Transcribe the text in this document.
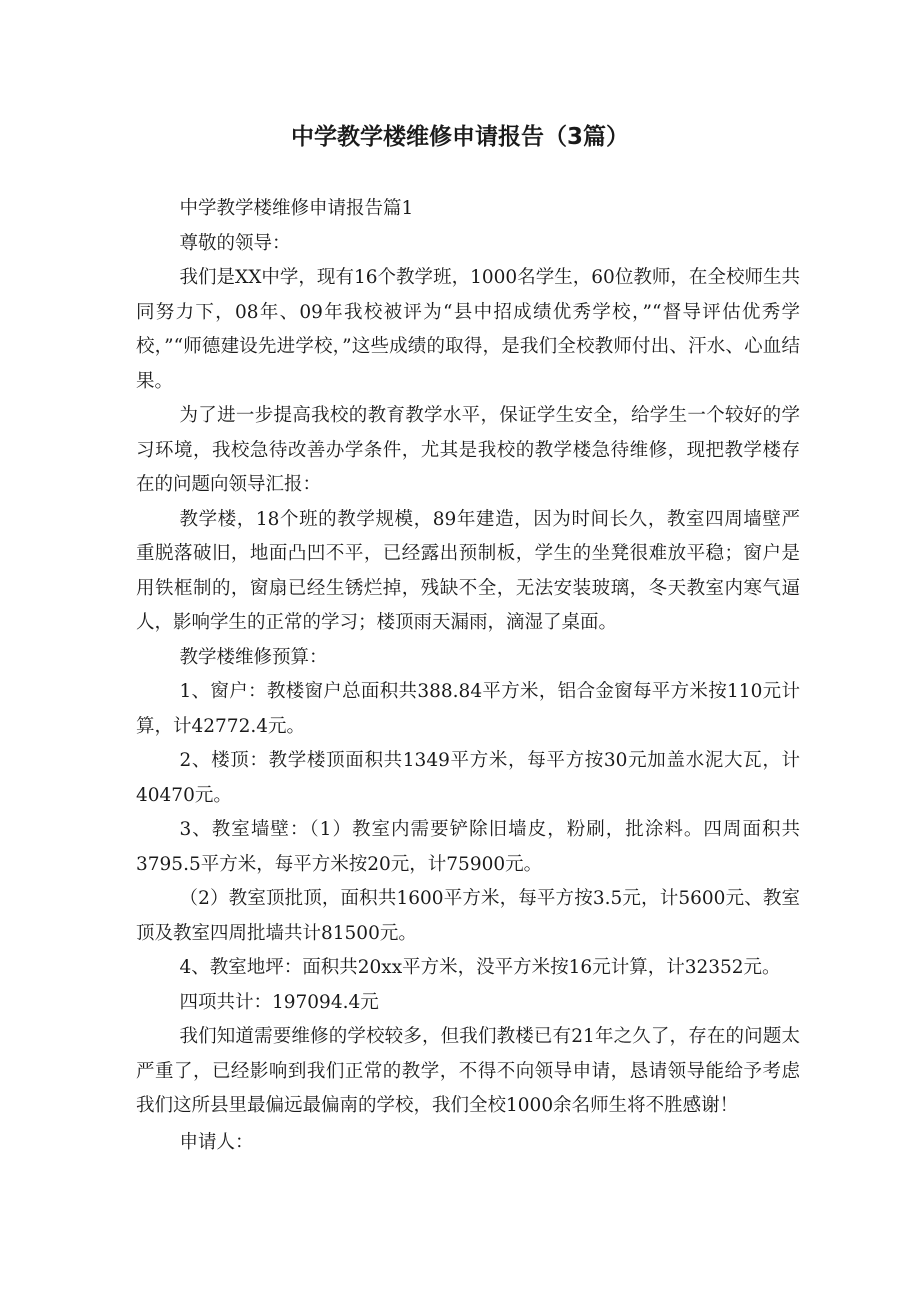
中学教学楼维修申请报告（3篇）

中学教学楼维修申请报告篇1

尊敬的领导：

我们是XX中学，现有16个教学班，1000名学生，60位教师，在全校师生共同努力下，08年、09年我校被评为“县中招成绩优秀学校，”“督导评估优秀学校，”“师德建设先进学校，”这些成绩的取得，是我们全校教师付出、汗水、心血结果。

为了进一步提高我校的教育教学水平，保证学生安全，给学生一个较好的学习环境，我校急待改善办学条件，尤其是我校的教学楼急待维修，现把教学楼存在的问题向领导汇报：

教学楼，18个班的教学规模，89年建造，因为时间长久，教室四周墙壁严重脱落破旧，地面凸凹不平，已经露出预制板，学生的坐凳很难放平稳；窗户是用铁框制的，窗扇已经生锈烂掉，残缺不全，无法安装玻璃，冬天教室内寒气逼人，影响学生的正常的学习；楼顶雨天漏雨，滴湿了桌面。

教学楼维修预算：

1、窗户：教楼窗户总面积共388.84平方米，铝合金窗每平方米按110元计算，计42772.4元。

2、楼顶：教学楼顶面积共1349平方米，每平方按30元加盖水泥大瓦，计40470元。

3、教室墙壁：（1）教室内需要铲除旧墙皮，粉刷，批涂料。四周面积共3795.5平方米，每平方米按20元，计75900元。

（2）教室顶批顶，面积共1600平方米，每平方按3.5元，计5600元、教室顶及教室四周批墙共计81500元。

4、教室地坪：面积共20xx平方米，没平方米按16元计算，计32352元。

四项共计：197094.4元

我们知道需要维修的学校较多，但我们教楼已有21年之久了，存在的问题太严重了，已经影响到我们正常的教学，不得不向领导申请，恳请领导能给予考虑我们这所县里最偏远最偏南的学校，我们全校1000余名师生将不胜感谢！

申请人：
